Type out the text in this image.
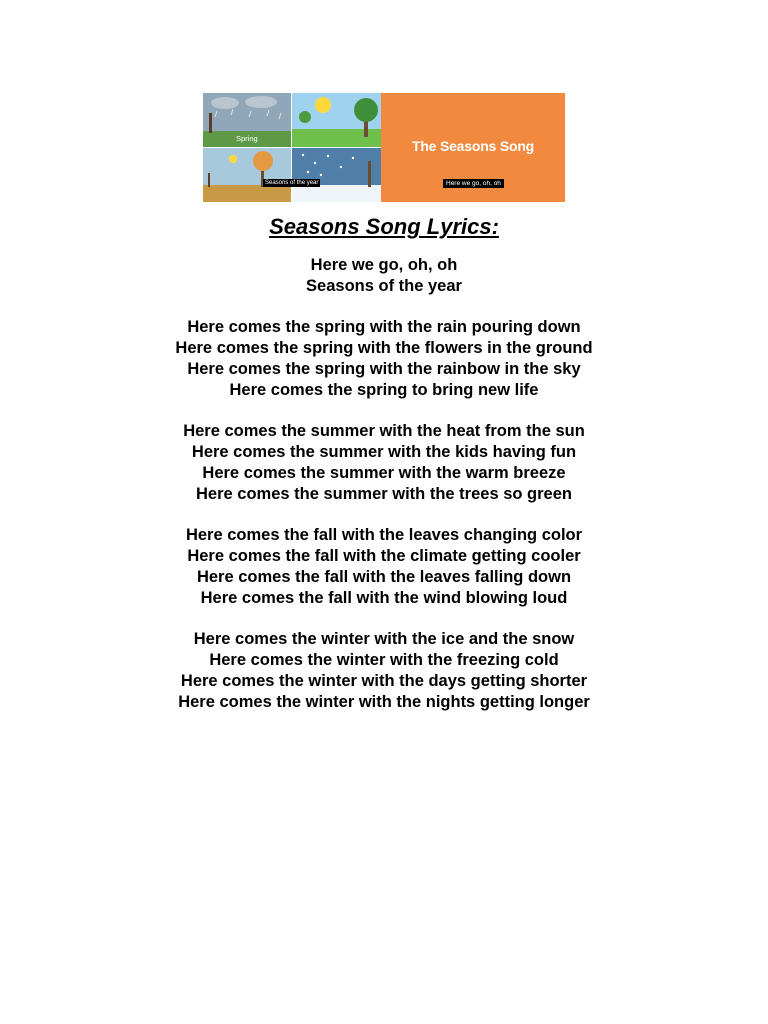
Spring
Seasons of the year
The Seasons Song
Here we go, oh, oh
Seasons Song Lyrics:
Here we go, oh, oh
Seasons of the year
Here comes the spring with the rain pouring down
Here comes the spring with the flowers in the ground
Here comes the spring with the rainbow in the sky
Here comes the spring to bring new life
Here comes the summer with the heat from the sun
Here comes the summer with the kids having fun
Here comes the summer with the warm breeze
Here comes the summer with the trees so green
Here comes the fall with the leaves changing color
Here comes the fall with the climate getting cooler
Here comes the fall with the leaves falling down
Here comes the fall with the wind blowing loud
Here comes the winter with the ice and the snow
Here comes the winter with the freezing cold
Here comes the winter with the days getting shorter
Here comes the winter with the nights getting longer
